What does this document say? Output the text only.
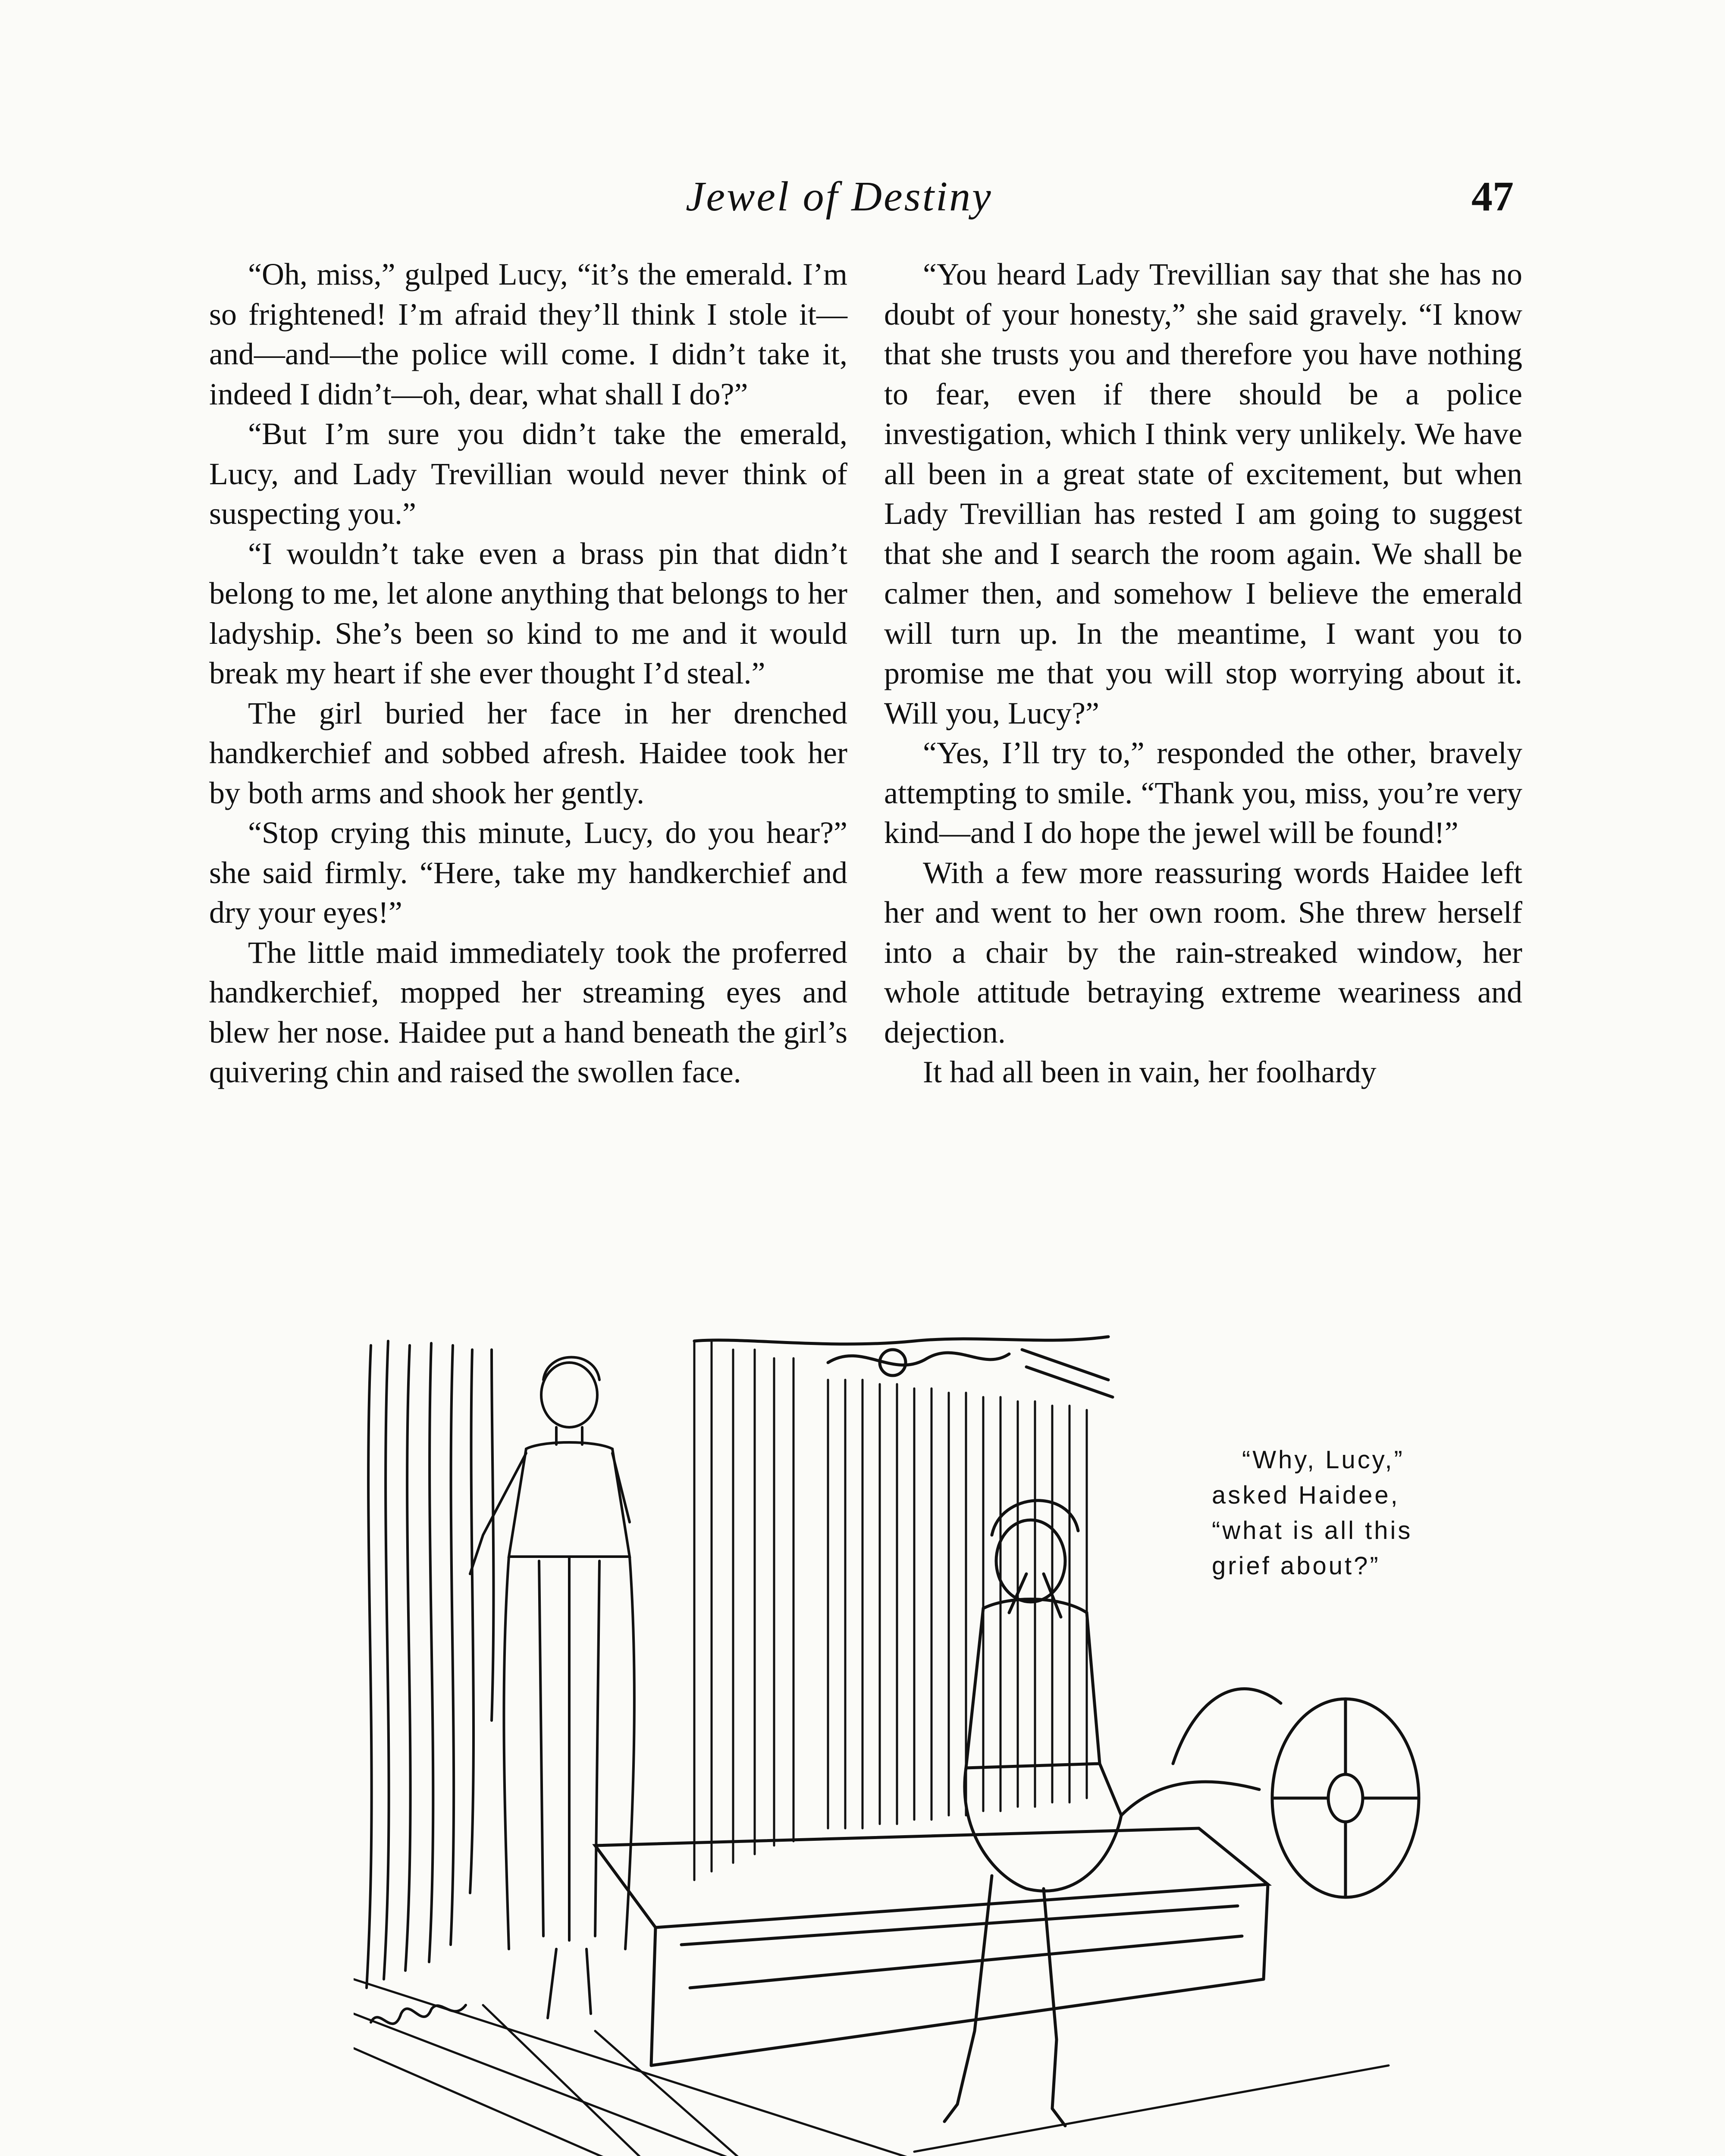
Jewel of Destiny	47

“Oh, miss,” gulped Lucy, “it’s the emerald. I’m so frightened! I’m afraid they’ll think I stole it—and—and—the police will come. I didn’t take it, indeed I didn’t—oh, dear, what shall I do?”

“But I’m sure you didn’t take the emerald, Lucy, and Lady Trevillian would never think of suspecting you.”

“I wouldn’t take even a brass pin that didn’t belong to me, let alone anything that belongs to her ladyship. She’s been so kind to me and it would break my heart if she ever thought I’d steal.”

The girl buried her face in her drenched handkerchief and sobbed afresh. Haidee took her by both arms and shook her gently.

“Stop crying this minute, Lucy, do you hear?” she said firmly. “Here, take my handkerchief and dry your eyes!”

The little maid immediately took the proferred handkerchief, mopped her streaming eyes and blew her nose. Haidee put a hand beneath the girl’s quivering chin and raised the swollen face.

“You heard Lady Trevillian say that she has no doubt of your honesty,” she said gravely. “I know that she trusts you and therefore you have nothing to fear, even if there should be a police investigation, which I think very unlikely. We have all been in a great state of excitement, but when Lady Trevillian has rested I am going to suggest that she and I search the room again. We shall be calmer then, and somehow I believe the emerald will turn up. In the meantime, I want you to promise me that you will stop worrying about it. Will you, Lucy?”

“Yes, I’ll try to,” responded the other, bravely attempting to smile. “Thank you, miss, you’re very kind—and I do hope the jewel will be found!”

With a few more reassuring words Haidee left her and went to her own room. She threw herself into a chair by the rain-streaked window, her whole attitude betraying extreme weariness and dejection.

It had all been in vain, her foolhardy

“Why, Lucy,”
asked Haidee,
“what is all this
grief about?”
